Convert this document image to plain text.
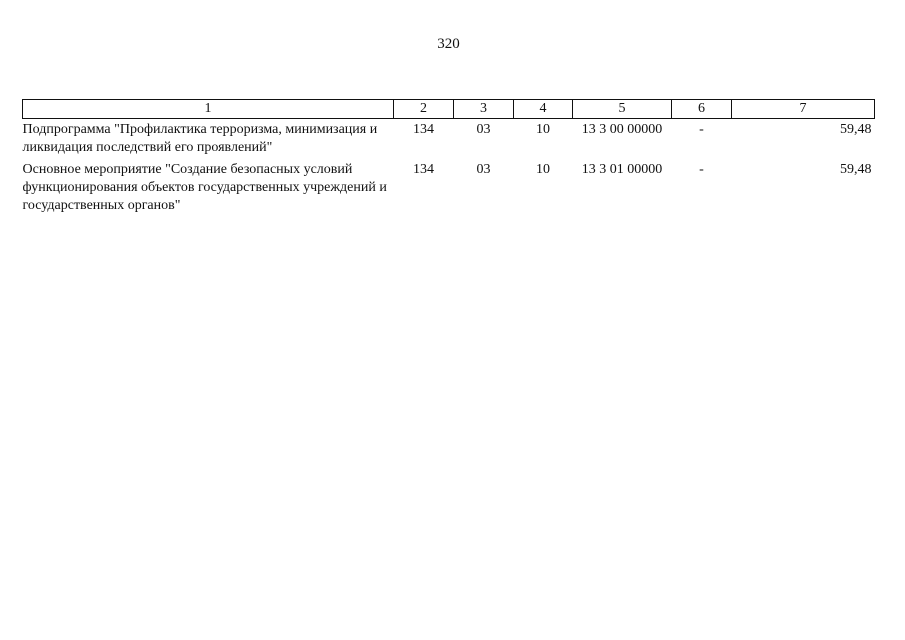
320
1	2	3	4	5	6	7
Подпрограмма "Профилактика терроризма, минимизация и ликвидация последствий его проявлений"	134	03	10	13 3 00 00000	-	59,48
Основное мероприятие "Создание безопасных условий функционирования объектов государственных учреждений и государственных органов"	134	03	10	13 3 01 00000	-	59,48
